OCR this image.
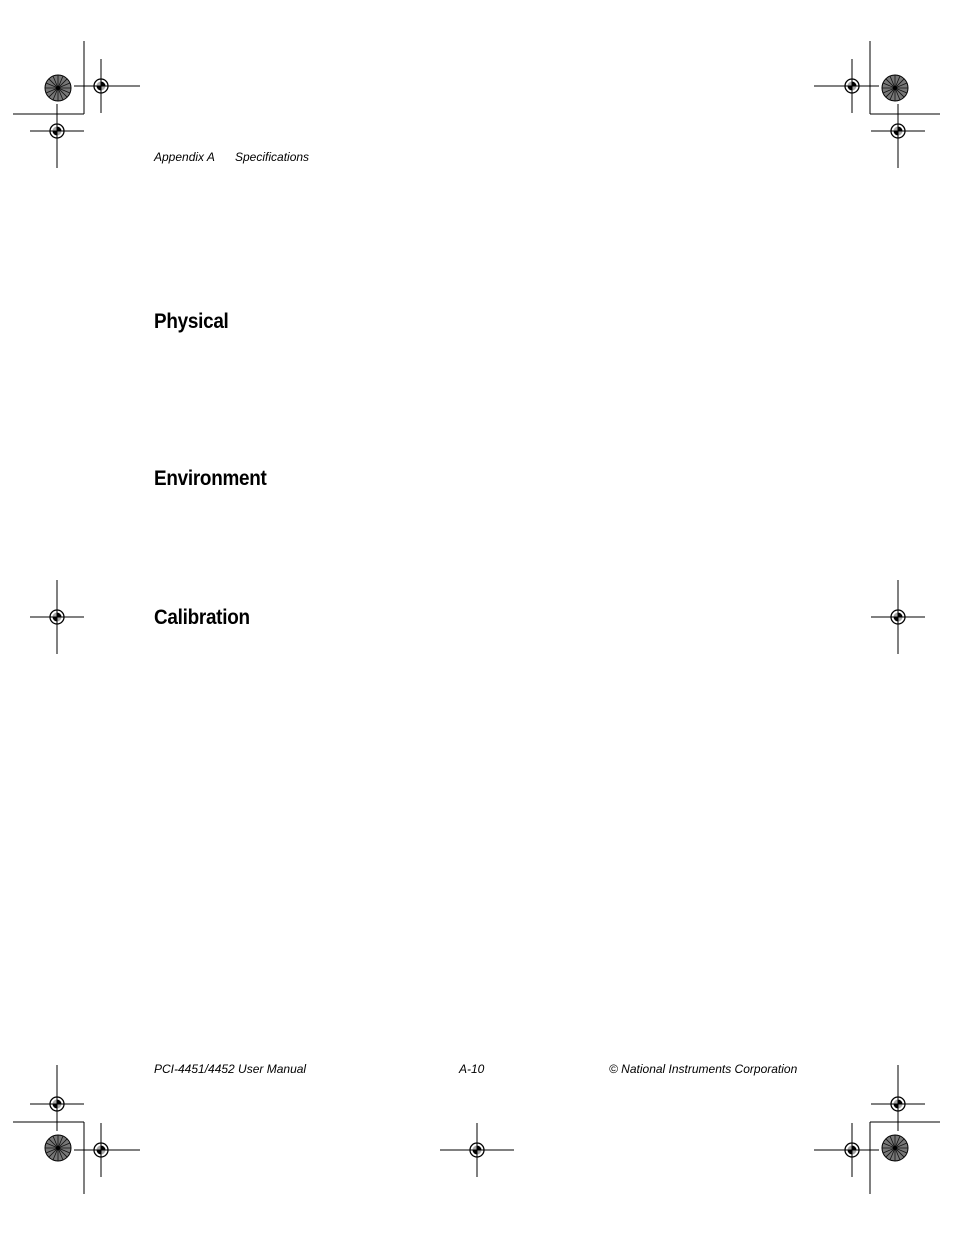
Appendix A Specifications
Physical
Environment
Calibration
PCI-4451/4452 User Manual	A-10	© National Instruments Corporation
